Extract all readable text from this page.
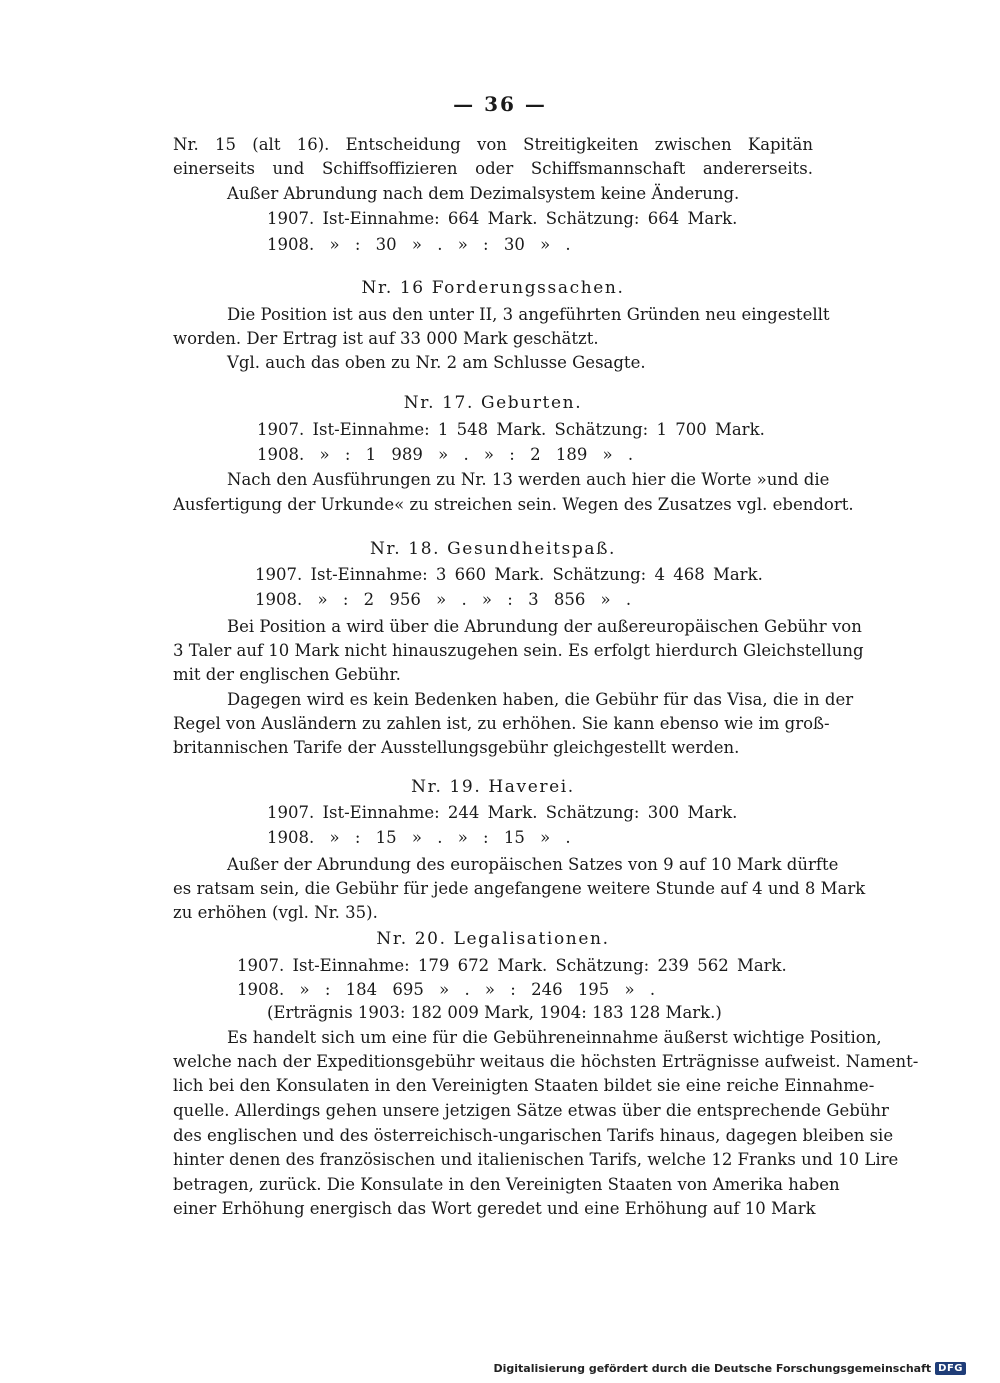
— 36 —
Nr. 15 (alt 16). Entscheidung von Streitigkeiten zwischen Kapitän
einerseits und Schiffsoffizieren oder Schiffsmannschaft andererseits.
Außer Abrundung nach dem Dezimalsystem keine Änderung.
1907. Ist-Einnahme: 664 Mark. Schätzung: 664 Mark.
1908. » : 30 » . » : 30 » .
Nr. 16 Forderungssachen.
Die Position ist aus den unter II, 3 angeführten Gründen neu eingestellt
worden. Der Ertrag ist auf 33 000 Mark geschätzt.
Vgl. auch das oben zu Nr. 2 am Schlusse Gesagte.
Nr. 17. Geburten.
1907. Ist-Einnahme: 1 548 Mark. Schätzung: 1 700 Mark.
1908. » : 1 989 » . » : 2 189 » .
Nach den Ausführungen zu Nr. 13 werden auch hier die Worte »und die
Ausfertigung der Urkunde« zu streichen sein. Wegen des Zusatzes vgl. ebendort.
Nr. 18. Gesundheitspaß.
1907. Ist-Einnahme: 3 660 Mark. Schätzung: 4 468 Mark.
1908. » : 2 956 » . » : 3 856 » .
Bei Position a wird über die Abrundung der außereuropäischen Gebühr von
3 Taler auf 10 Mark nicht hinauszugehen sein. Es erfolgt hierdurch Gleichstellung
mit der englischen Gebühr.
Dagegen wird es kein Bedenken haben, die Gebühr für das Visa, die in der
Regel von Ausländern zu zahlen ist, zu erhöhen. Sie kann ebenso wie im groß-
britannischen Tarife der Ausstellungsgebühr gleichgestellt werden.
Nr. 19. Haverei.
1907. Ist-Einnahme: 244 Mark. Schätzung: 300 Mark.
1908. » : 15 » . » : 15 » .
Außer der Abrundung des europäischen Satzes von 9 auf 10 Mark dürfte
es ratsam sein, die Gebühr für jede angefangene weitere Stunde auf 4 und 8 Mark
zu erhöhen (vgl. Nr. 35).
Nr. 20. Legalisationen.
1907. Ist-Einnahme: 179 672 Mark. Schätzung: 239 562 Mark.
1908. » : 184 695 » . » : 246 195 » .
(Erträgnis 1903: 182 009 Mark, 1904: 183 128 Mark.)
Es handelt sich um eine für die Gebühreneinnahme äußerst wichtige Position,
welche nach der Expeditionsgebühr weitaus die höchsten Erträgnisse aufweist. Nament-
lich bei den Konsulaten in den Vereinigten Staaten bildet sie eine reiche Einnahme-
quelle. Allerdings gehen unsere jetzigen Sätze etwas über die entsprechende Gebühr
des englischen und des österreichisch-ungarischen Tarifs hinaus, dagegen bleiben sie
hinter denen des französischen und italienischen Tarifs, welche 12 Franks und 10 Lire
betragen, zurück. Die Konsulate in den Vereinigten Staaten von Amerika haben
einer Erhöhung energisch das Wort geredet und eine Erhöhung auf 10 Mark
Digitalisierung gefördert durch die Deutsche Forschungsgemeinschaft DFG
